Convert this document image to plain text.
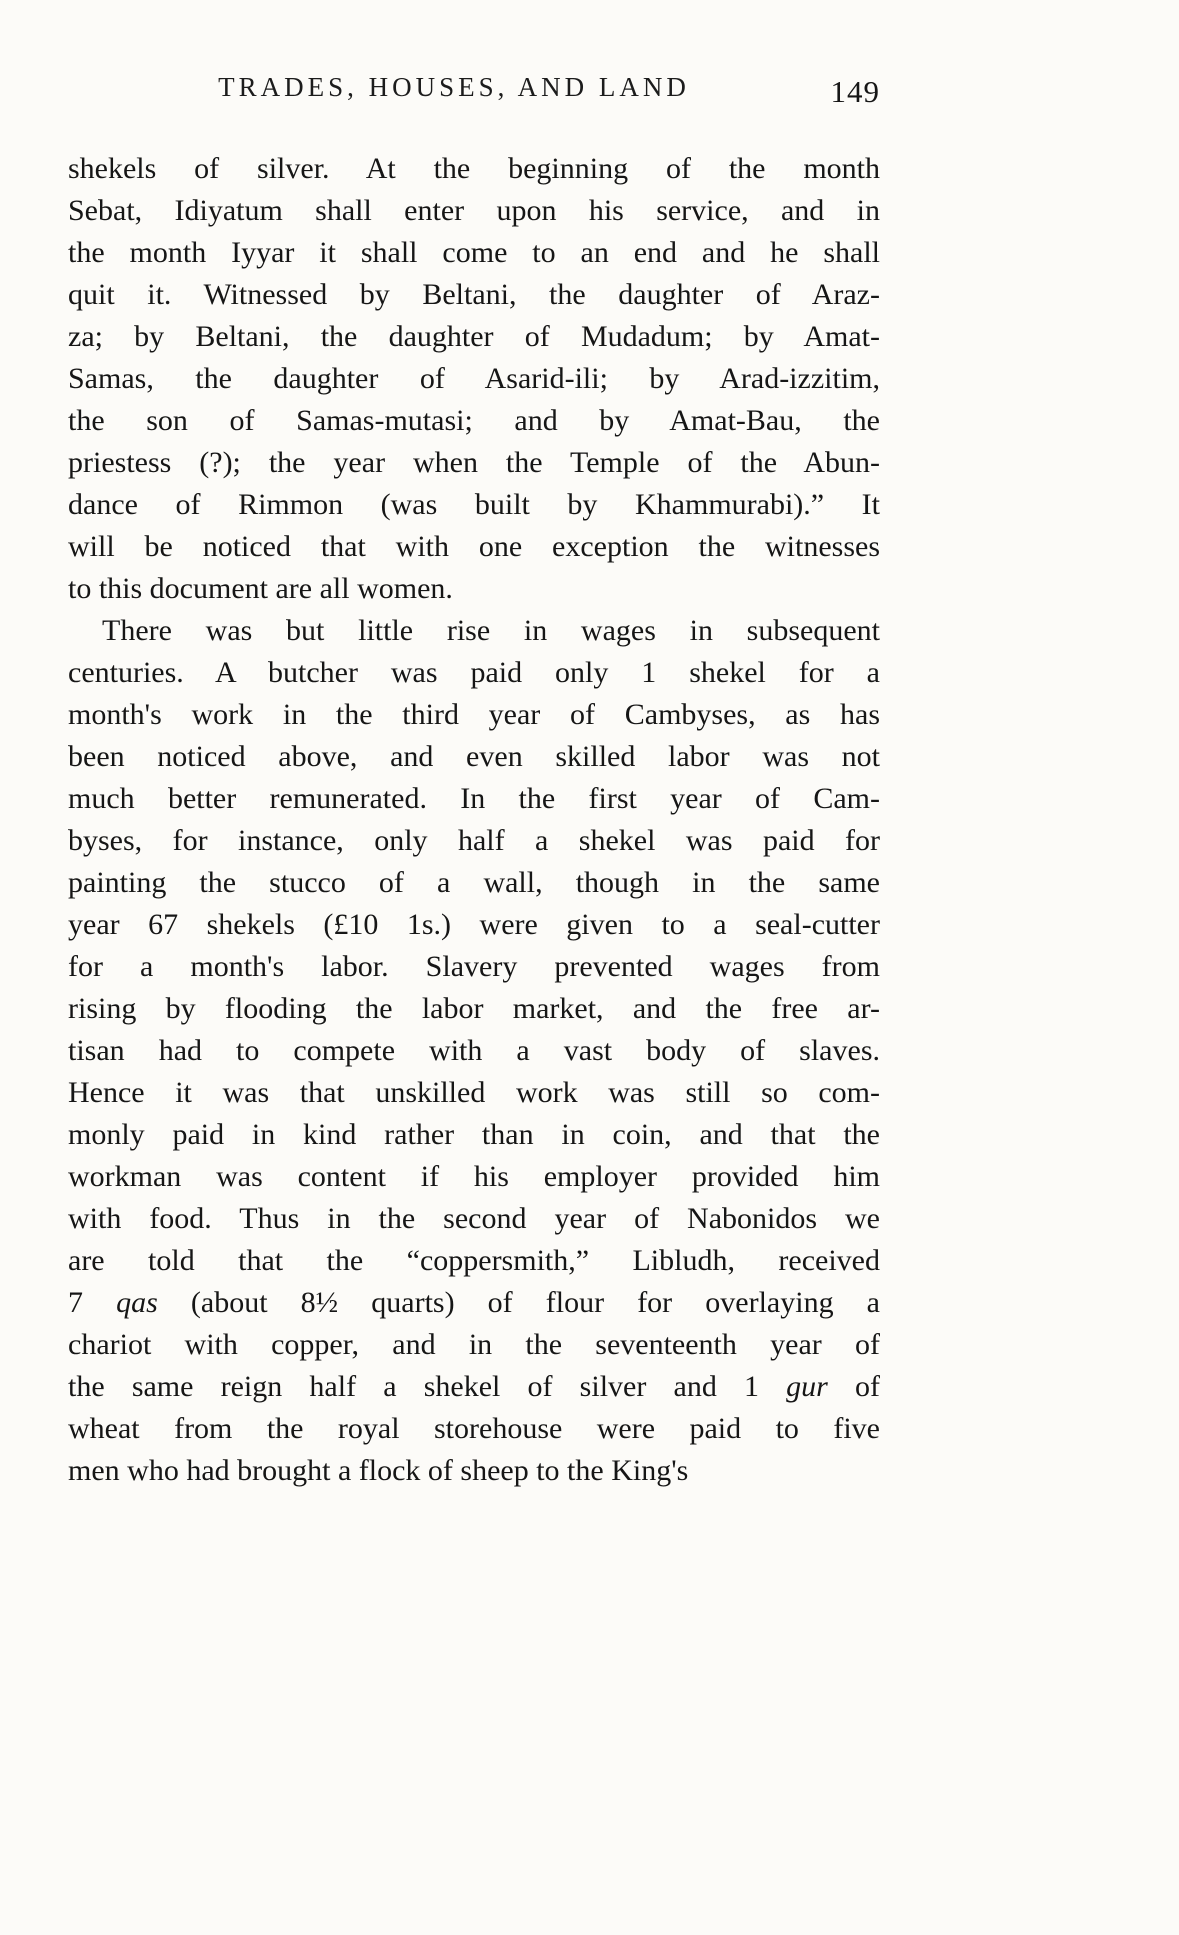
TRADES, HOUSES, AND LAND	149
shekels of silver. At the beginning of the month
Sebat, Idiyatum shall enter upon his service, and in
the month Iyyar it shall come to an end and he shall
quit it. Witnessed by Beltani, the daughter of Araz-
za; by Beltani, the daughter of Mudadum; by Amat-
Samas, the daughter of Asarid-ili; by Arad-izzitim,
the son of Samas-mutasi; and by Amat-Bau, the
priestess (?); the year when the Temple of the Abun-
dance of Rimmon (was built by Khammurabi).” It
will be noticed that with one exception the witnesses
to this document are all women.
There was but little rise in wages in subsequent
centuries. A butcher was paid only 1 shekel for a
month's work in the third year of Cambyses, as has
been noticed above, and even skilled labor was not
much better remunerated. In the first year of Cam-
byses, for instance, only half a shekel was paid for
painting the stucco of a wall, though in the same
year 67 shekels (£10 1s.) were given to a seal-cutter
for a month's labor. Slavery prevented wages from
rising by flooding the labor market, and the free ar-
tisan had to compete with a vast body of slaves.
Hence it was that unskilled work was still so com-
monly paid in kind rather than in coin, and that the
workman was content if his employer provided him
with food. Thus in the second year of Nabonidos we
are told that the “coppersmith,” Libludh, received
7 qas (about 8½ quarts) of flour for overlaying a
chariot with copper, and in the seventeenth year of
the same reign half a shekel of silver and 1 gur of
wheat from the royal storehouse were paid to five
men who had brought a flock of sheep to the King's
